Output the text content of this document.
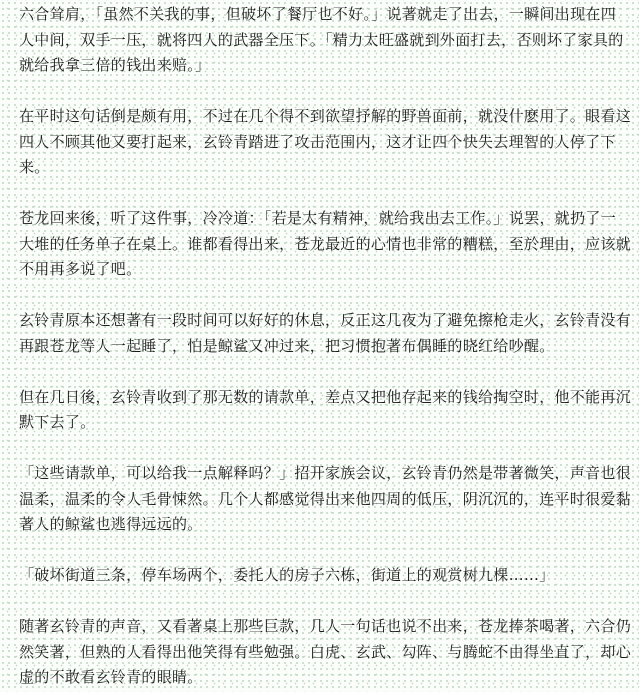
六合耸肩，「虽然不关我的事，但破坏了餐厅也不好。」说著就走了出去，一瞬间出现在四人中间，双手一压，就将四人的武器全压下。「精力太旺盛就到外面打去，否则坏了家具的就给我拿三倍的钱出来赔。」

在平时这句话倒是颇有用，不过在几个得不到欲望抒解的野兽面前，就没什麽用了。眼看这四人不顾其他又要打起来，玄铃青踏进了攻击范围内，这才让四个快失去理智的人停了下来。

苍龙回来後，听了这件事，冷冷道：「若是太有精神，就给我出去工作。」说罢，就扔了一大堆的任务单子在桌上。谁都看得出来，苍龙最近的心情也非常的糟糕，至於理由，应该就不用再多说了吧。

玄铃青原本还想著有一段时间可以好好的休息，反正这几夜为了避免擦枪走火，玄铃青没有再跟苍龙等人一起睡了，怕是鲸鲨又冲过来，把习惯抱著布偶睡的晓红给吵醒。

但在几日後，玄铃青收到了那无数的请款单，差点又把他存起来的钱给掏空时，他不能再沉默下去了。

「这些请款单，可以给我一点解释吗？」招开家族会议，玄铃青仍然是带著微笑，声音也很温柔，温柔的令人毛骨悚然。几个人都感觉得出来他四周的低压，阴沉沉的，连平时很爱黏著人的鲸鲨也逃得远远的。

「破坏街道三条，停车场两个，委托人的房子六栋，街道上的观赏树九棵……」

随著玄铃青的声音，又看著桌上那些巨款，几人一句话也说不出来，苍龙捧茶喝著，六合仍然笑著，但熟的人看得出他笑得有些勉强。白虎、玄武、勾阵、与腾蛇不由得坐直了，却心虚的不敢看玄铃青的眼睛。
